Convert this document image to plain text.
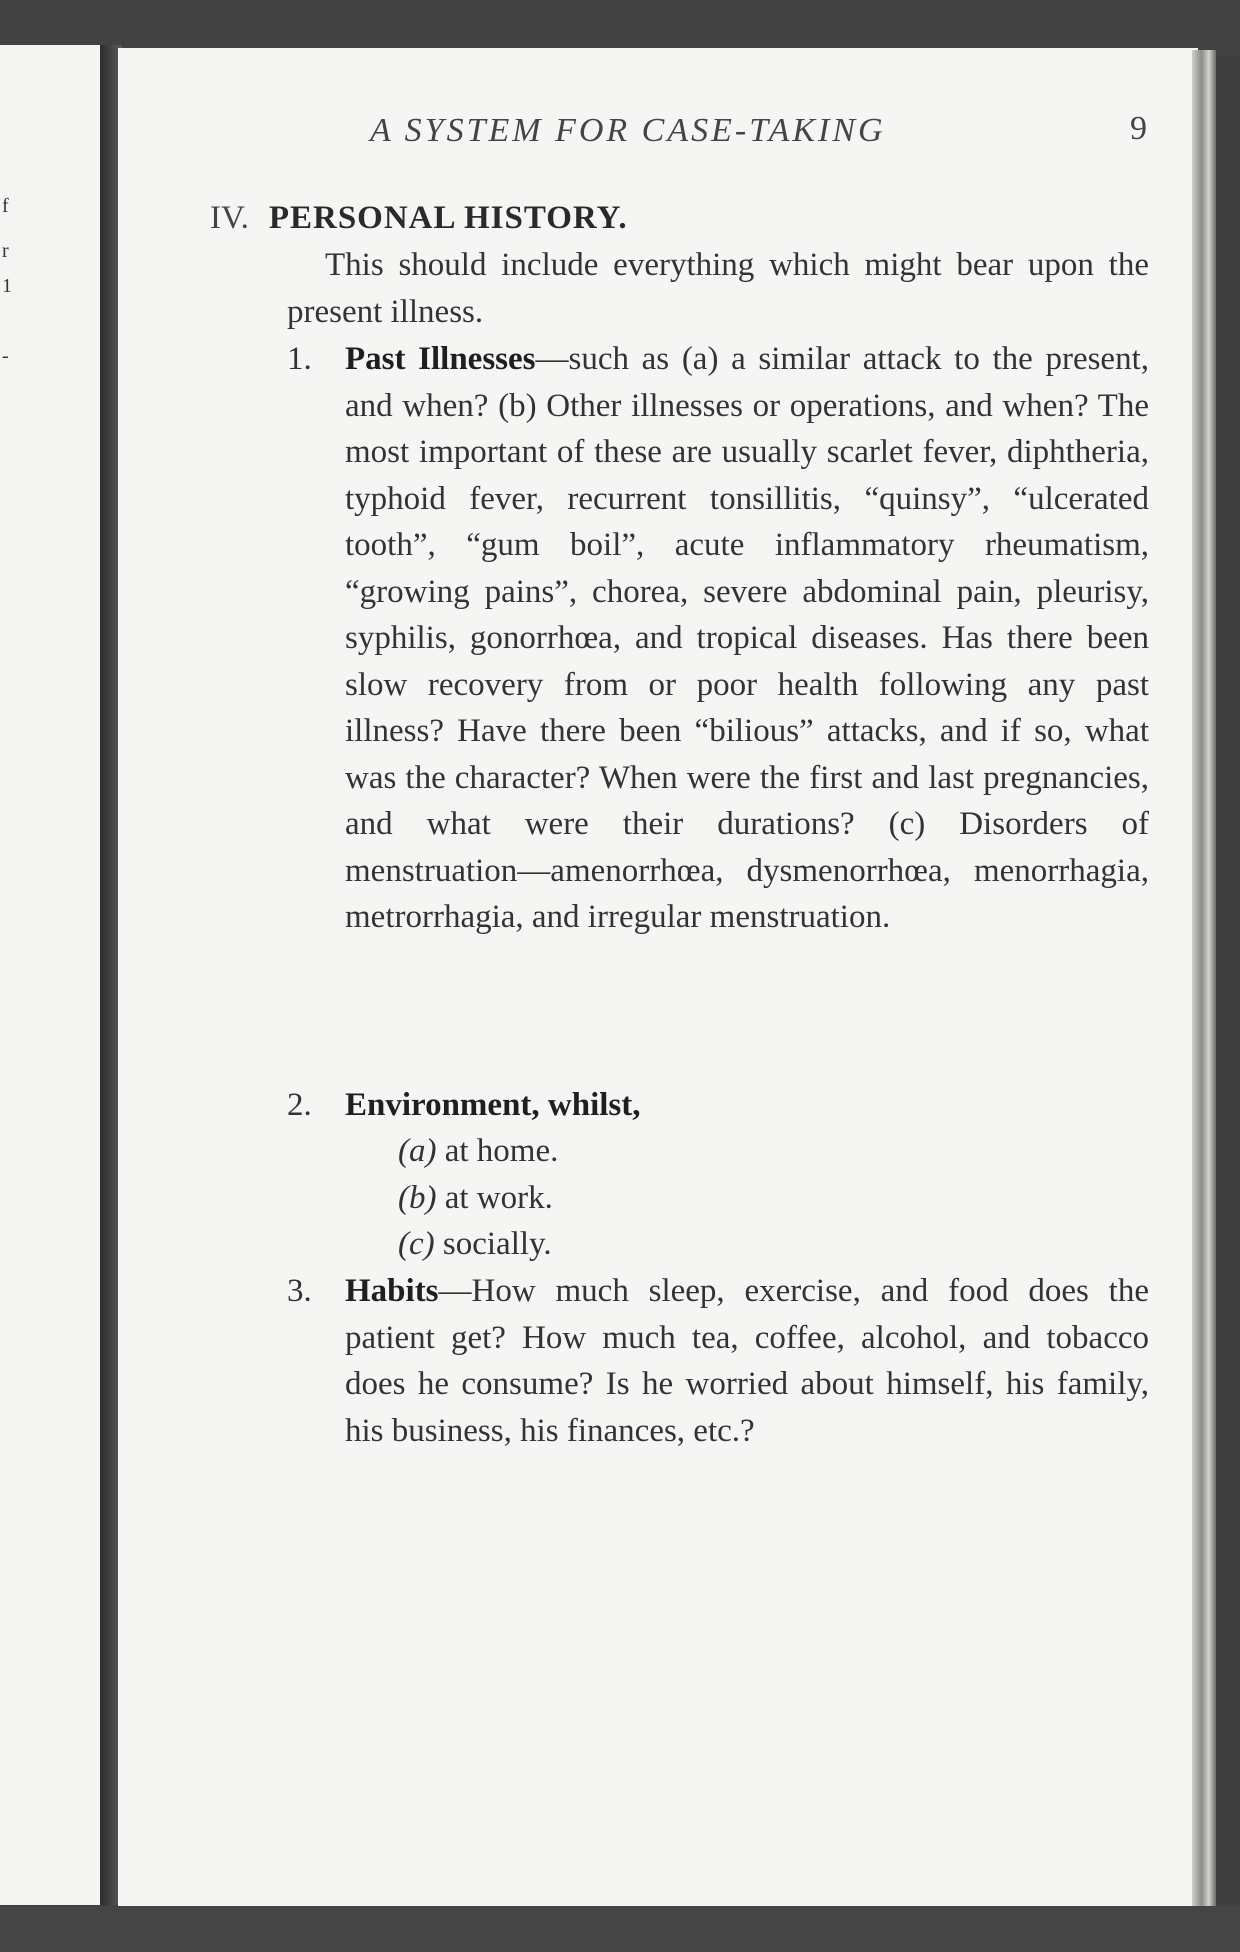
f
r
1
-
A SYSTEM FOR CASE-TAKING	9
IV. PERSONAL HISTORY.
This should include everything which might bear upon the present illness.
1. Past Illnesses—such as (a) a similar attack to the present, and when? (b) Other illnesses or operations, and when? The most important of these are usually scarlet fever, diphtheria, typhoid fever, recurrent tonsillitis, “quinsy”, “ulcerated tooth”, “gum boil”, acute inflammatory rheumatism, “growing pains”, chorea, severe abdominal pain, pleurisy, syphilis, gonorrhœa, and tropical diseases. Has there been slow recovery from or poor health following any past illness? Have there been “bilious” attacks, and if so, what was the character? When were the first and last pregnancies, and what were their durations? (c) Disorders of menstruation—amenorrhœa, dysmenorrhœa, menorrhagia, metrorrhagia, and irregular menstruation.
2. Environment, whilst,
(a) at home.
(b) at work.
(c) socially.
3. Habits—How much sleep, exercise, and food does the patient get? How much tea, coffee, alcohol, and tobacco does he consume? Is he worried about himself, his family, his business, his finances, etc.?
